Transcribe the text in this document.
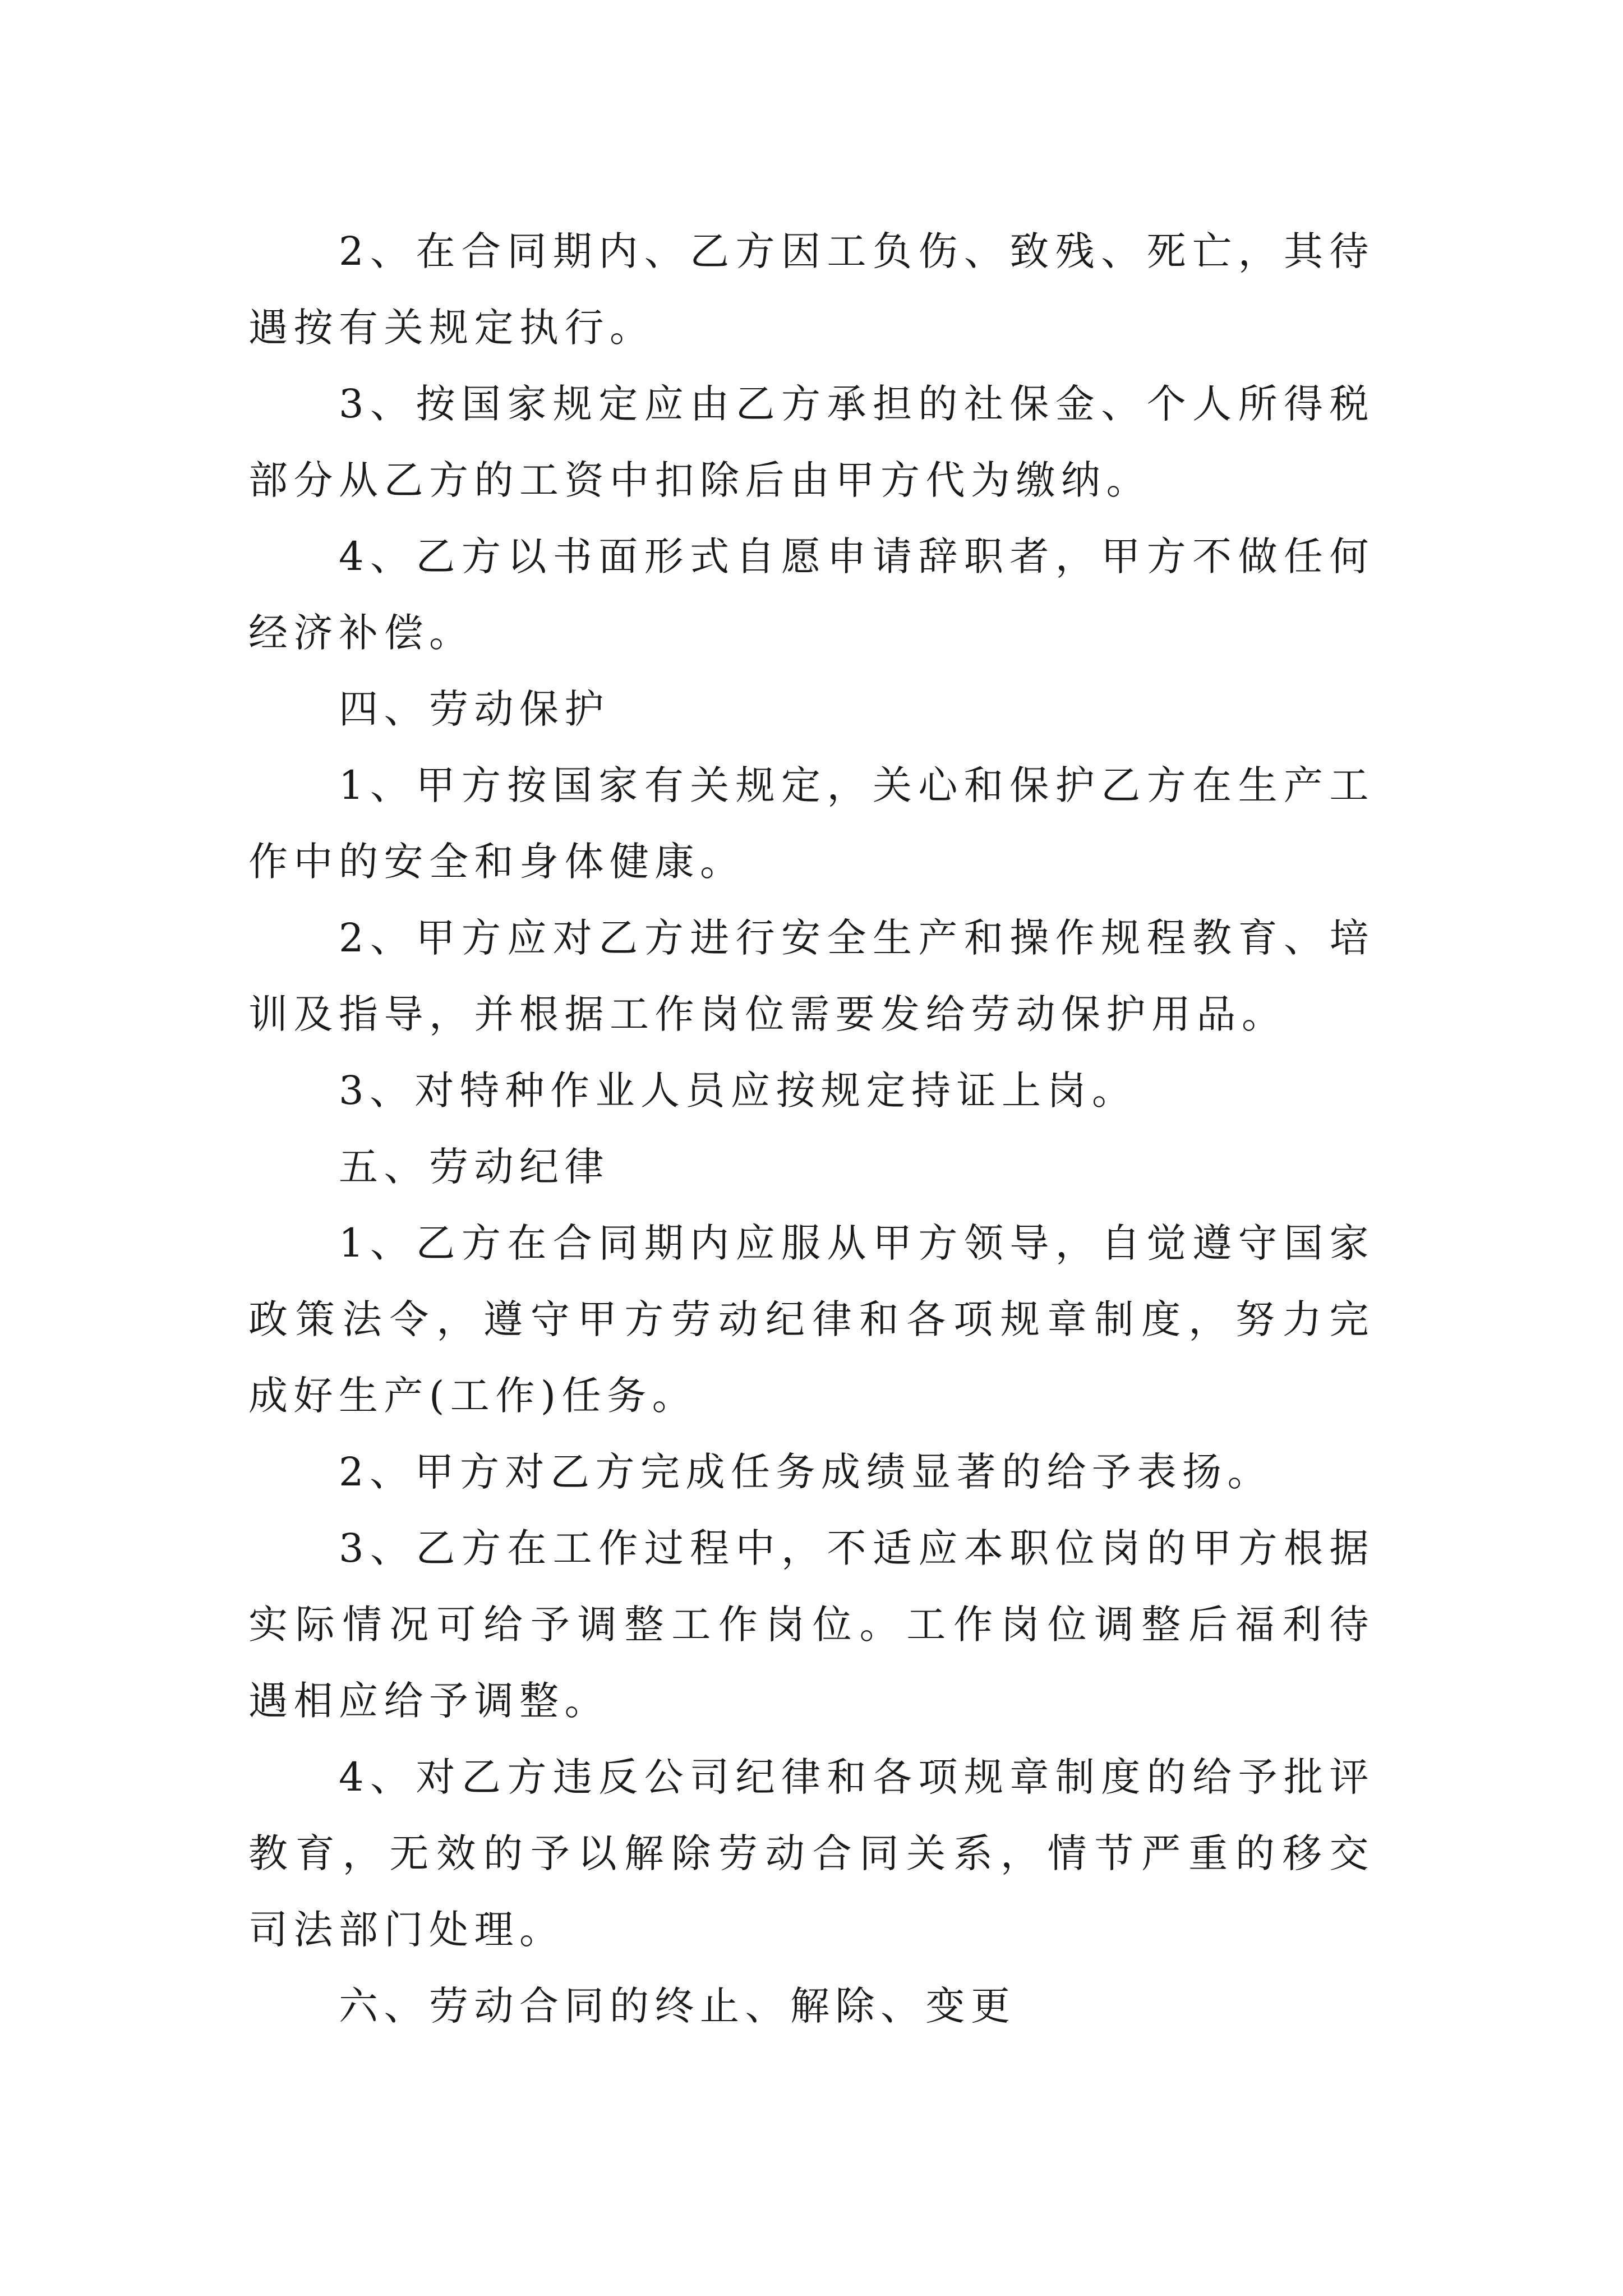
2、在合同期内、乙方因工负伤、致残、死亡，其待遇按有关规定执行。

3、按国家规定应由乙方承担的社保金、个人所得税部分从乙方的工资中扣除后由甲方代为缴纳。

4、乙方以书面形式自愿申请辞职者，甲方不做任何经济补偿。

四、劳动保护

1、甲方按国家有关规定，关心和保护乙方在生产工作中的安全和身体健康。

2、甲方应对乙方进行安全生产和操作规程教育、培训及指导，并根据工作岗位需要发给劳动保护用品。

3、对特种作业人员应按规定持证上岗。

五、劳动纪律

1、乙方在合同期内应服从甲方领导，自觉遵守国家政策法令，遵守甲方劳动纪律和各项规章制度，努力完成好生产(工作)任务。

2、甲方对乙方完成任务成绩显著的给予表扬。

3、乙方在工作过程中，不适应本职位岗的甲方根据实际情况可给予调整工作岗位。工作岗位调整后福利待遇相应给予调整。

4、对乙方违反公司纪律和各项规章制度的给予批评教育，无效的予以解除劳动合同关系，情节严重的移交司法部门处理。

六、劳动合同的终止、解除、变更
